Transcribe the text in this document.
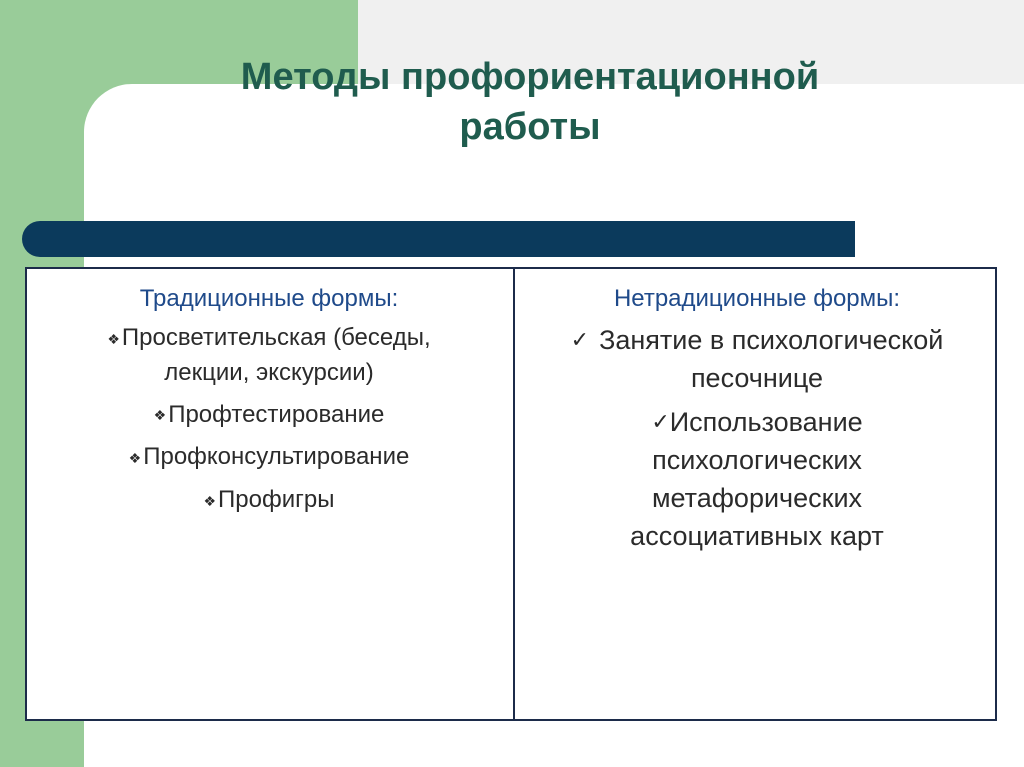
Методы профориентационной
работы
Традиционные формы:
❖Просветительская (беседы,
лекции, экскурсии)
❖Профтестирование
❖Профконсультирование
❖Профигры
Нетрадиционные формы:
✓ Занятие в психологической
песочнице
✓Использование
психологических
метафорических
ассоциативных карт
